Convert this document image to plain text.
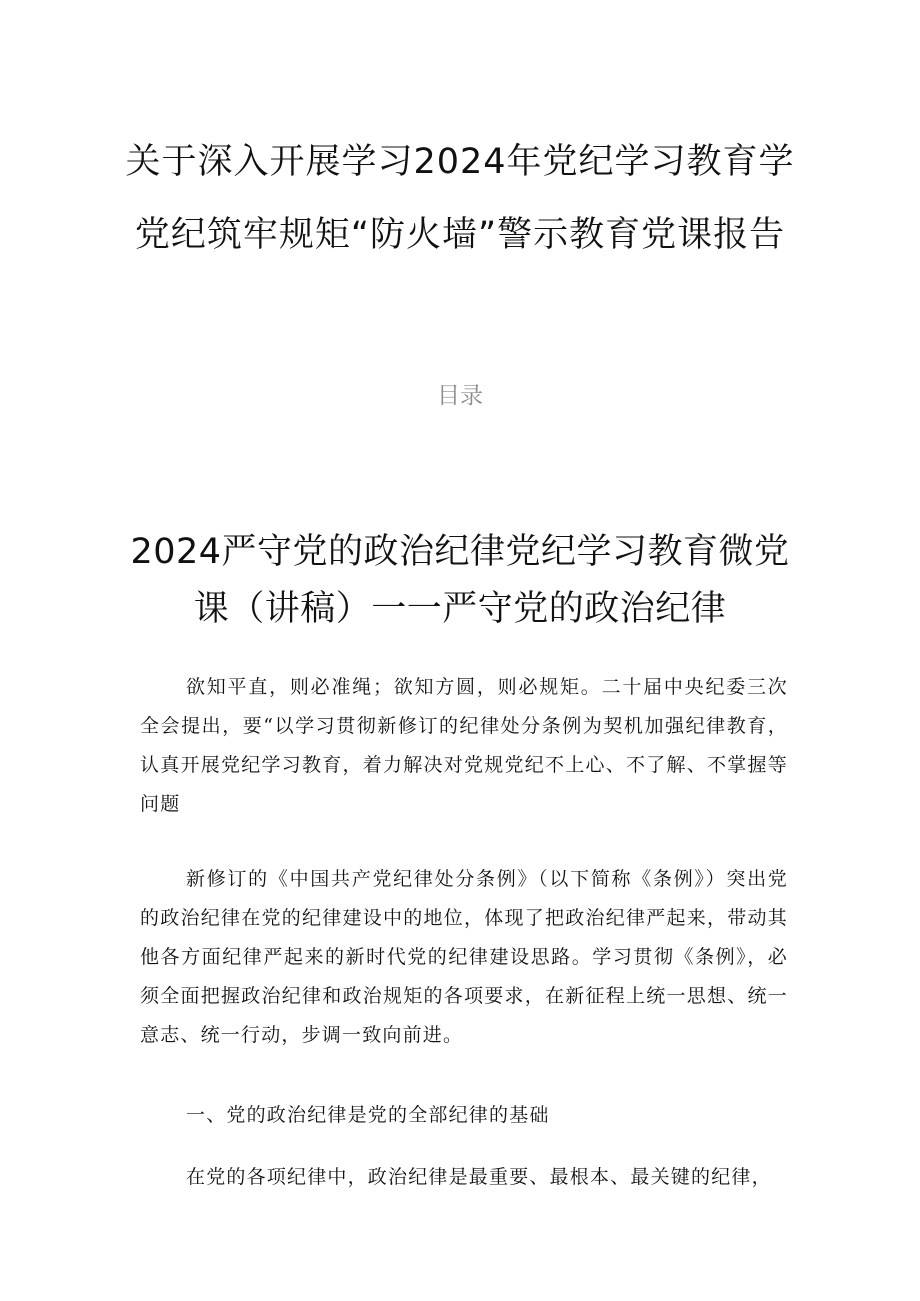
关于深入开展学习2024年党纪学习教育学党纪筑牢规矩“防火墙”警示教育党课报告
目录
2024严守党的政治纪律党纪学习教育微党课（讲稿）一一严守党的政治纪律

欲知平直，则必准绳；欲知方圆，则必规矩。二十届中央纪委三次全会提出，要“以学习贯彻新修订的纪律处分条例为契机加强纪律教育，认真开展党纪学习教育，着力解决对党规党纪不上心、不了解、不掌握等问题

新修订的《中国共产党纪律处分条例》（以下简称《条例》）突出党的政治纪律在党的纪律建设中的地位，体现了把政治纪律严起来，带动其他各方面纪律严起来的新时代党的纪律建设思路。学习贯彻《条例》，必须全面把握政治纪律和政治规矩的各项要求，在新征程上统一思想、统一意志、统一行动，步调一致向前进。

一、党的政治纪律是党的全部纪律的基础

在党的各项纪律中，政治纪律是最重要、最根本、最关键的纪律，
